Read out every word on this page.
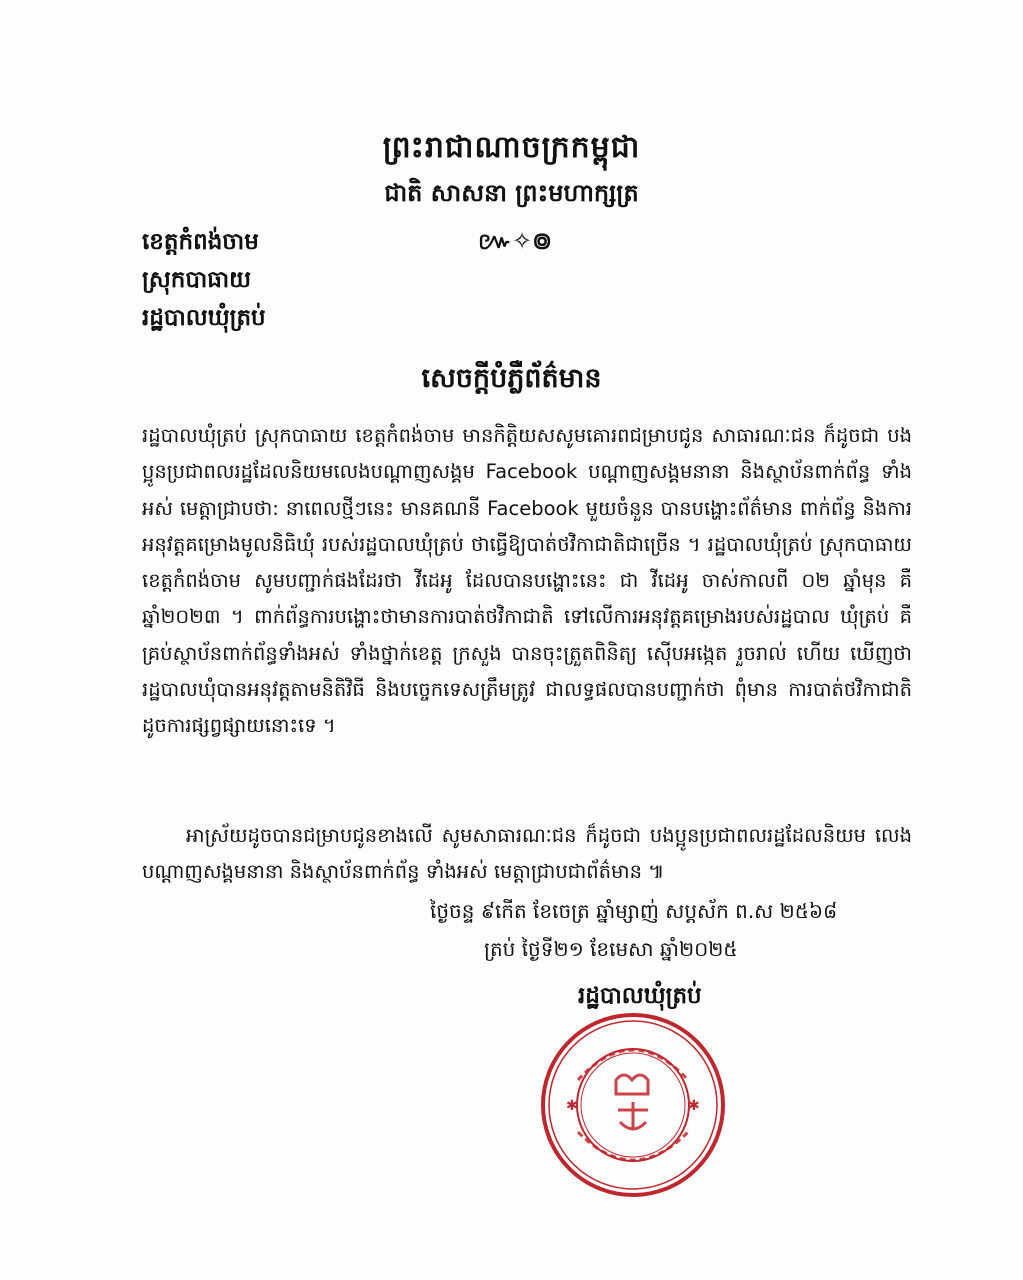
ព្រះរាជាណាចក្រកម្ពុជា
ជាតិ សាសនា ព្រះមហាក្សត្រ
ខេត្តកំពង់ចាម	៚✧៙
ស្រុកបាធាយ
រដ្ឋបាលឃុំត្រប់
សេចក្តីបំភ្លឺព័ត៌មាន
រដ្ឋបាលឃុំត្រប់ ស្រុកបាធាយ ខេត្តកំពង់ចាម មានកិត្តិយសសូមគោរពជម្រាបជូន សាធារណៈជន ក៏ដូចជា បងប្អូនប្រជាពលរដ្ឋដែលនិយមលេងបណ្តាញសង្គម Facebook បណ្តាញសង្គមនានា និងស្ថាប័នពាក់ព័ន្ធ ទាំងអស់ មេត្តាជ្រាបថា: នាពេលថ្មីៗនេះ មានគណនី Facebook មួយចំនួន បានបង្ហោះព័ត៌មាន ពាក់ព័ន្ធ និងការអនុវត្តគម្រោងមូលនិធិឃុំ របស់រដ្ឋបាលឃុំត្រប់ ថាធ្វើឱ្យបាត់ថវិកាជាតិជាច្រើន ។ រដ្ឋបាលឃុំត្រប់ ស្រុកបាធាយ ខេត្តកំពង់ចាម សូមបញ្ជាក់ផងដែរថា វីដេអូ ដែលបានបង្ហោះនេះ ជា វីដេអូ ចាស់កាលពី ០២ ឆ្នាំមុន គឺឆ្នាំ២០២៣ ។ ពាក់ព័ន្ធការបង្ហោះថាមានការបាត់ថវិកាជាតិ ទៅលើការអនុវត្តគម្រោងរបស់រដ្ឋបាល ឃុំត្រប់ គឺ គ្រប់ស្ថាប័នពាក់ព័ន្ធទាំងអស់ ទាំងថ្នាក់ខេត្ត ក្រសួង បានចុះត្រួតពិនិត្យ ស៊ើបអង្កេត រួចរាល់ ហើយ ឃើញថារដ្ឋបាលឃុំបានអនុវត្តតាមនិតិវិធី និងបច្ចេកទេសត្រឹមត្រូវ ជាលទ្ធផលបានបញ្ជាក់ថា ពុំមាន ការបាត់ថវិកាជាតិដូចការផ្សព្វផ្សាយនោះទេ ។
អាស្រ័យដូចបានជម្រាបជូនខាងលើ សូមសាធារណៈជន ក៏ដូចជា បងប្អូនប្រជាពលរដ្ឋដែលនិយម លេងបណ្តាញសង្គមនានា និងស្ថាប័នពាក់ព័ន្ធ ទាំងអស់ មេត្តាជ្រាបជាព័ត៌មាន ៕
ថ្ងៃចន្ទ ៩កើត ខែចេត្រ ឆ្នាំម្សាញ់ សប្តស័ក ព.ស ២៥៦៨
ត្រប់ ថ្ងៃទី២១ ខែមេសា ឆ្នាំ២០២៥
រដ្ឋបាលឃុំត្រប់
✱	✱
